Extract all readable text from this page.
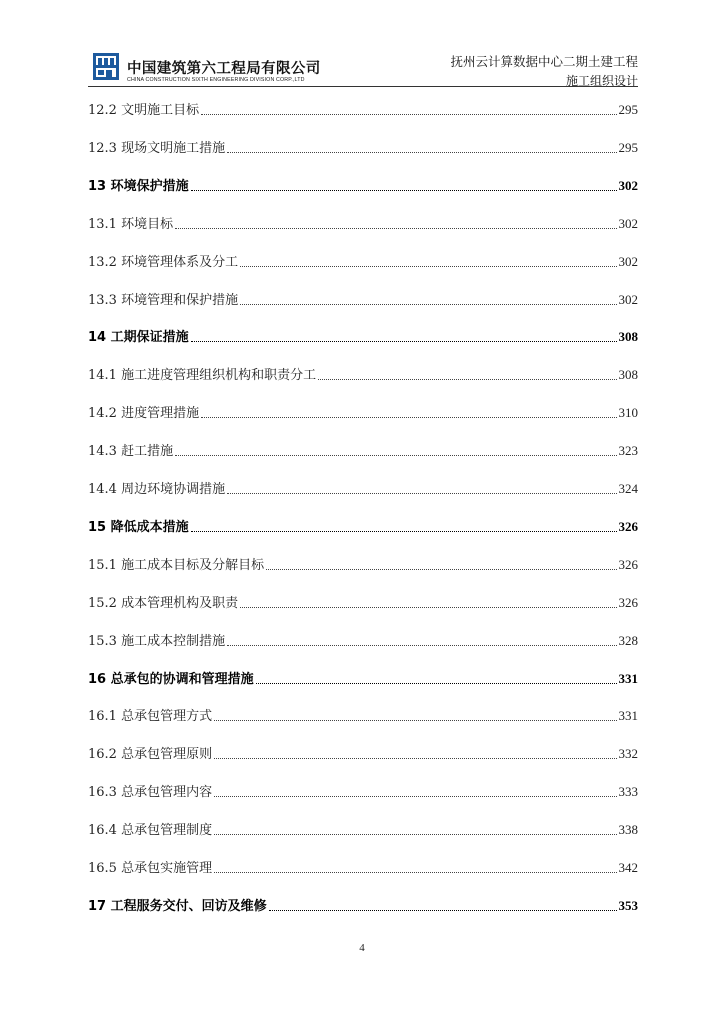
中国建筑第六工程局有限公司
CHINA CONSTRUCTION SIXTH ENGINEERING DIVISION CORP.,LTD
抚州云计算数据中心二期土建工程
施工组织设计
12.2 文明施工目标	295
12.3 现场文明施工措施	295
13 环境保护措施	302
13.1 环境目标	302
13.2 环境管理体系及分工	302
13.3 环境管理和保护措施	302
14 工期保证措施	308
14.1 施工进度管理组织机构和职责分工	308
14.2 进度管理措施	310
14.3 赶工措施	323
14.4 周边环境协调措施	324
15 降低成本措施	326
15.1 施工成本目标及分解目标	326
15.2 成本管理机构及职责	326
15.3 施工成本控制措施	328
16 总承包的协调和管理措施	331
16.1 总承包管理方式	331
16.2 总承包管理原则	332
16.3 总承包管理内容	333
16.4 总承包管理制度	338
16.5 总承包实施管理	342
17 工程服务交付、回访及维修	353
4
